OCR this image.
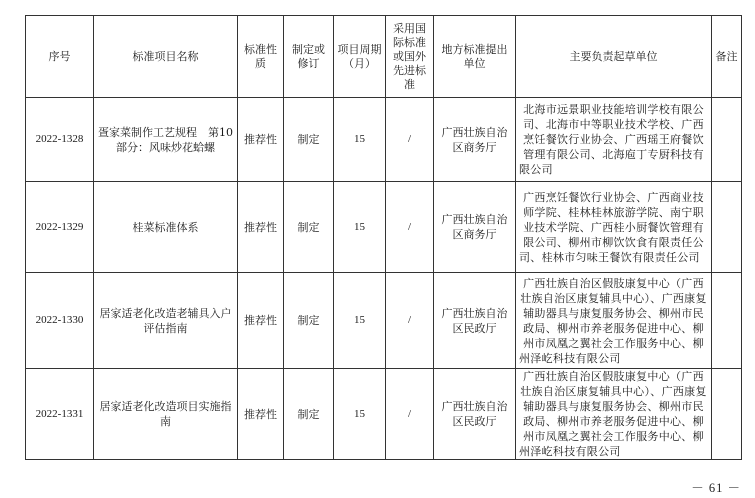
序号	标准项目名称	标准性质	制定或修订	项目周期（月）	采用国际标准或国外先进标准	地方标准提出单位	主要负责起草单位	备注
2022-1328	疍家菜制作工艺规程　第10部分：风味炒花蛤螺	推荐性	制定	15	/	广西壮族自治区商务厅	北海市远景职业技能培训学校有限公司、北海市中等职业技术学校、广西烹饪餐饮行业协会、广西瑶王府餐饮管理有限公司、北海庖丁专厨科技有限公司	
2022-1329	桂菜标准体系	推荐性	制定	15	/	广西壮族自治区商务厅	广西烹饪餐饮行业协会、广西商业技师学院、桂林桂林旅游学院、南宁职业技术学院、广西桂小厨餐饮管理有限公司、柳州市柳饮饮食有限责任公司、桂林市匀味王餐饮有限责任公司	
2022-1330	居家适老化改造老辅具入户评估指南	推荐性	制定	15	/	广西壮族自治区民政厅	广西壮族自治区假肢康复中心（广西壮族自治区康复辅具中心）、广西康复辅助器具与康复服务协会、柳州市民政局、柳州市养老服务促进中心、柳州市凤凰之翼社会工作服务中心、柳州泽屹科技有限公司	
2022-1331	居家适老化改造项目实施指南	推荐性	制定	15	/	广西壮族自治区民政厅	广西壮族自治区假肢康复中心（广西壮族自治区康复辅具中心）、广西康复辅助器具与康复服务协会、柳州市民政局、柳州市养老服务促进中心、柳州市凤凰之翼社会工作服务中心、柳州泽屹科技有限公司	
－ 61 －
